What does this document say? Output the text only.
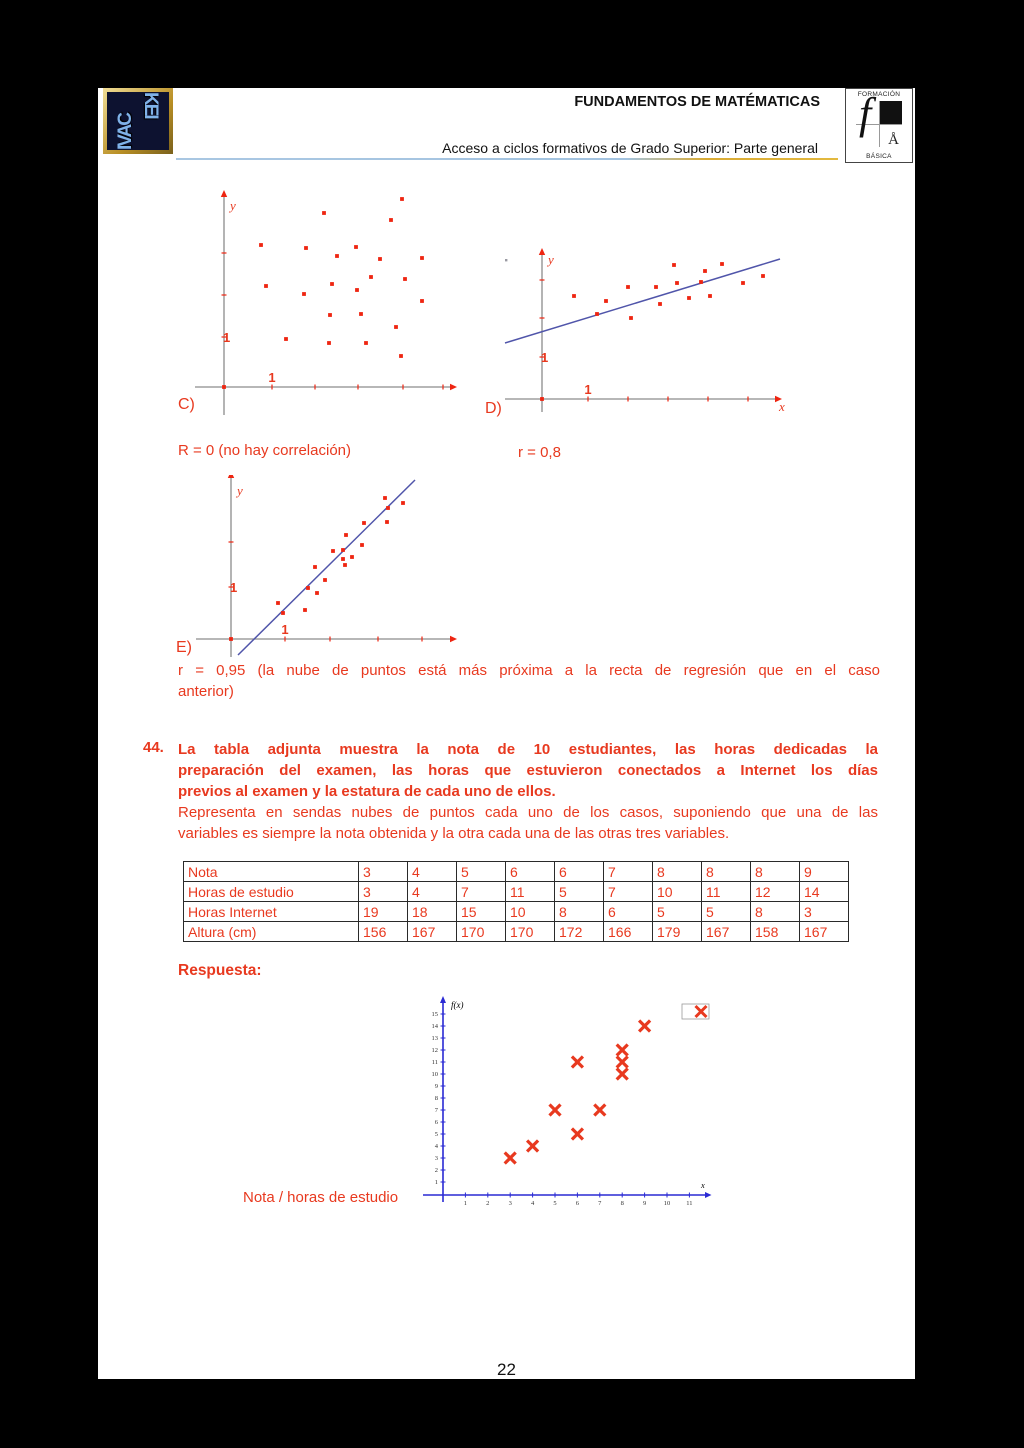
IVAC
KEI	FUNDAMENTOS DE MATÉMATICAS
Acceso a ciclos formativos de Grado Superior: Parte general
FORMACIÓN
f
Å
BÁSICA
1
1
y
C)
R = 0 (no hay correlación)
1
1
y
x
D)
r = 0,8
1
1
y
E)
r = 0,95 (la nube de puntos está más próxima a la recta de regresión que en el caso
anterior)
44. La tabla adjunta muestra la nota de 10 estudiantes, las horas dedicadas la
preparación del examen, las horas que estuvieron conectados a Internet los días
previos al examen y la estatura de cada uno de ellos.
Representa en sendas nubes de puntos cada uno de los casos, suponiendo que una de las
variables es siempre la nota obtenida y la otra cada una de las otras tres variables.
Nota	3	4	5	6	6	7	8	8	8	9
Horas de estudio	3	4	7	11	5	7	10	11	12	14
Horas Internet	19	18	15	10	8	6	5	5	8	3
Altura (cm)	156	167	170	170	172	166	179	167	158	167
Respuesta:
1
2
3
4
5
6
7
8
9
10
11
12
13
14
15
1	2	3	4	5	6	7	8	9	10 11
f(x)
x
Nota / horas de estudio
22
